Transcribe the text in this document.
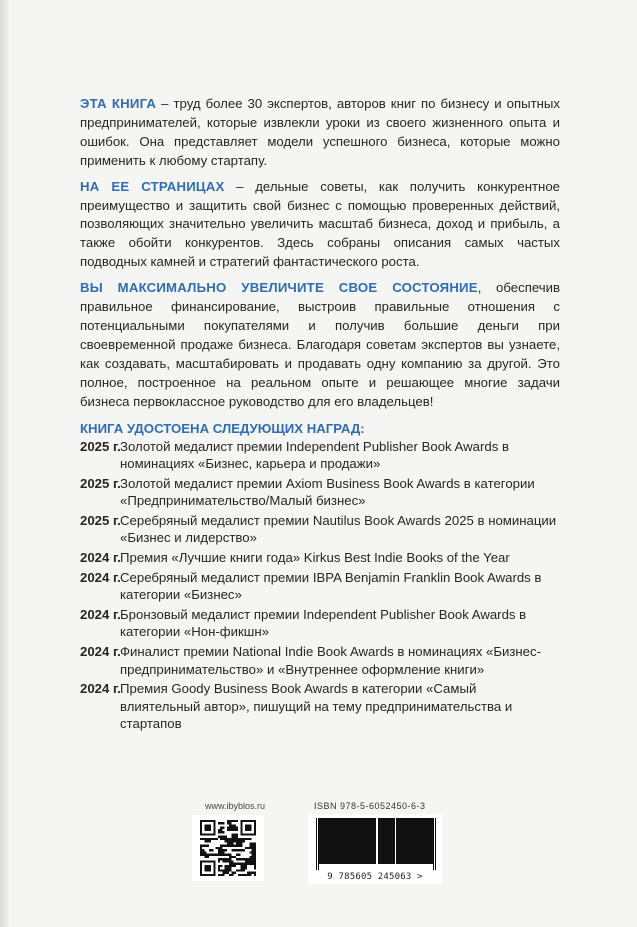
ЭТА КНИГА – труд более 30 экспертов, авторов книг по бизнесу и опытных предпринимателей, которые извлекли уроки из своего жизненного опыта и ошибок. Она представляет модели успешного бизнеса, которые можно применить к любому стартапу.

НА ЕЕ СТРАНИЦАХ – дельные советы, как получить конкурентное преимущество и защитить свой бизнес с помощью проверенных действий, позволяющих значительно увеличить масштаб бизнеса, доход и прибыль, а также обойти конкурентов. Здесь собраны описания самых частых подводных камней и стратегий фантастического роста.

ВЫ МАКСИМАЛЬНО УВЕЛИЧИТЕ СВОЕ СОСТОЯНИЕ, обеспечив правильное финансирование, выстроив правильные отношения с потенциальными покупателями и получив большие деньги при своевременной продаже бизнеса. Благодаря советам экспертов вы узнаете, как создавать, масштабировать и продавать одну компанию за другой. Это полное, построенное на реальном опыте и решающее многие задачи бизнеса первоклассное руководство для его владельцев!

КНИГА УДОСТОЕНА СЛЕДУЮЩИХ НАГРАД:
2025 г. Золотой медалист премии Independent Publisher Book Awards в номинациях «Бизнес, карьера и продажи»
2025 г. Золотой медалист премии Axiom Business Book Awards в категории «Предпринимательство/Малый бизнес»
2025 г. Серебряный медалист премии Nautilus Book Awards 2025 в номинации «Бизнес и лидерство»
2024 г. Премия «Лучшие книги года» Kirkus Best Indie Books of the Year
2024 г. Серебряный медалист премии IBPA Benjamin Franklin Book Awards в категории «Бизнес»
2024 г. Бронзовый медалист премии Independent Publisher Book Awards в категории «Нон-фикшн»
2024 г. Финалист премии National Indie Book Awards в номинациях «Бизнес-предпринимательство» и «Внутреннее оформление книги»
2024 г. Премия Goody Business Book Awards в категории «Самый влиятельный автор», пишущий на тему предпринимательства и стартапов
www.ibyblos.ru	ISBN 978-5-6052450-6-3
9 785605 245063 >
